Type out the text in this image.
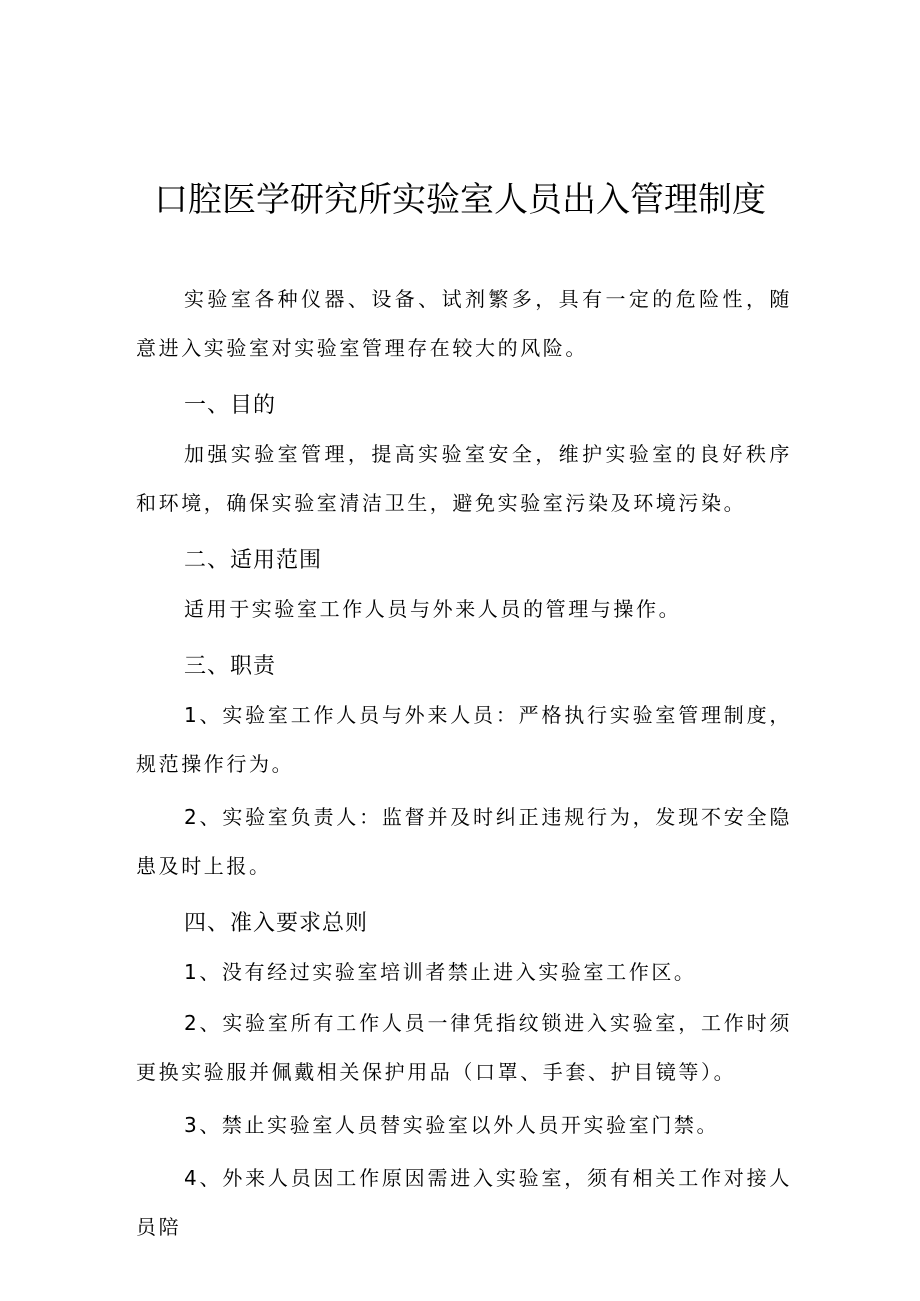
口腔医学研究所实验室人员出入管理制度

实验室各种仪器、设备、试剂繁多，具有一定的危险性，随意进入实验室对实验室管理存在较大的风险。

一、目的

加强实验室管理，提高实验室安全，维护实验室的良好秩序和环境，确保实验室清洁卫生，避免实验室污染及环境污染。

二、适用范围

适用于实验室工作人员与外来人员的管理与操作。

三、职责

1、实验室工作人员与外来人员：严格执行实验室管理制度，规范操作行为。

2、实验室负责人：监督并及时纠正违规行为，发现不安全隐患及时上报。

四、准入要求总则

1、没有经过实验室培训者禁止进入实验室工作区。

2、实验室所有工作人员一律凭指纹锁进入实验室，工作时须更换实验服并佩戴相关保护用品（口罩、手套、护目镜等）。

3、禁止实验室人员替实验室以外人员开实验室门禁。

4、外来人员因工作原因需进入实验室，须有相关工作对接人员陪
